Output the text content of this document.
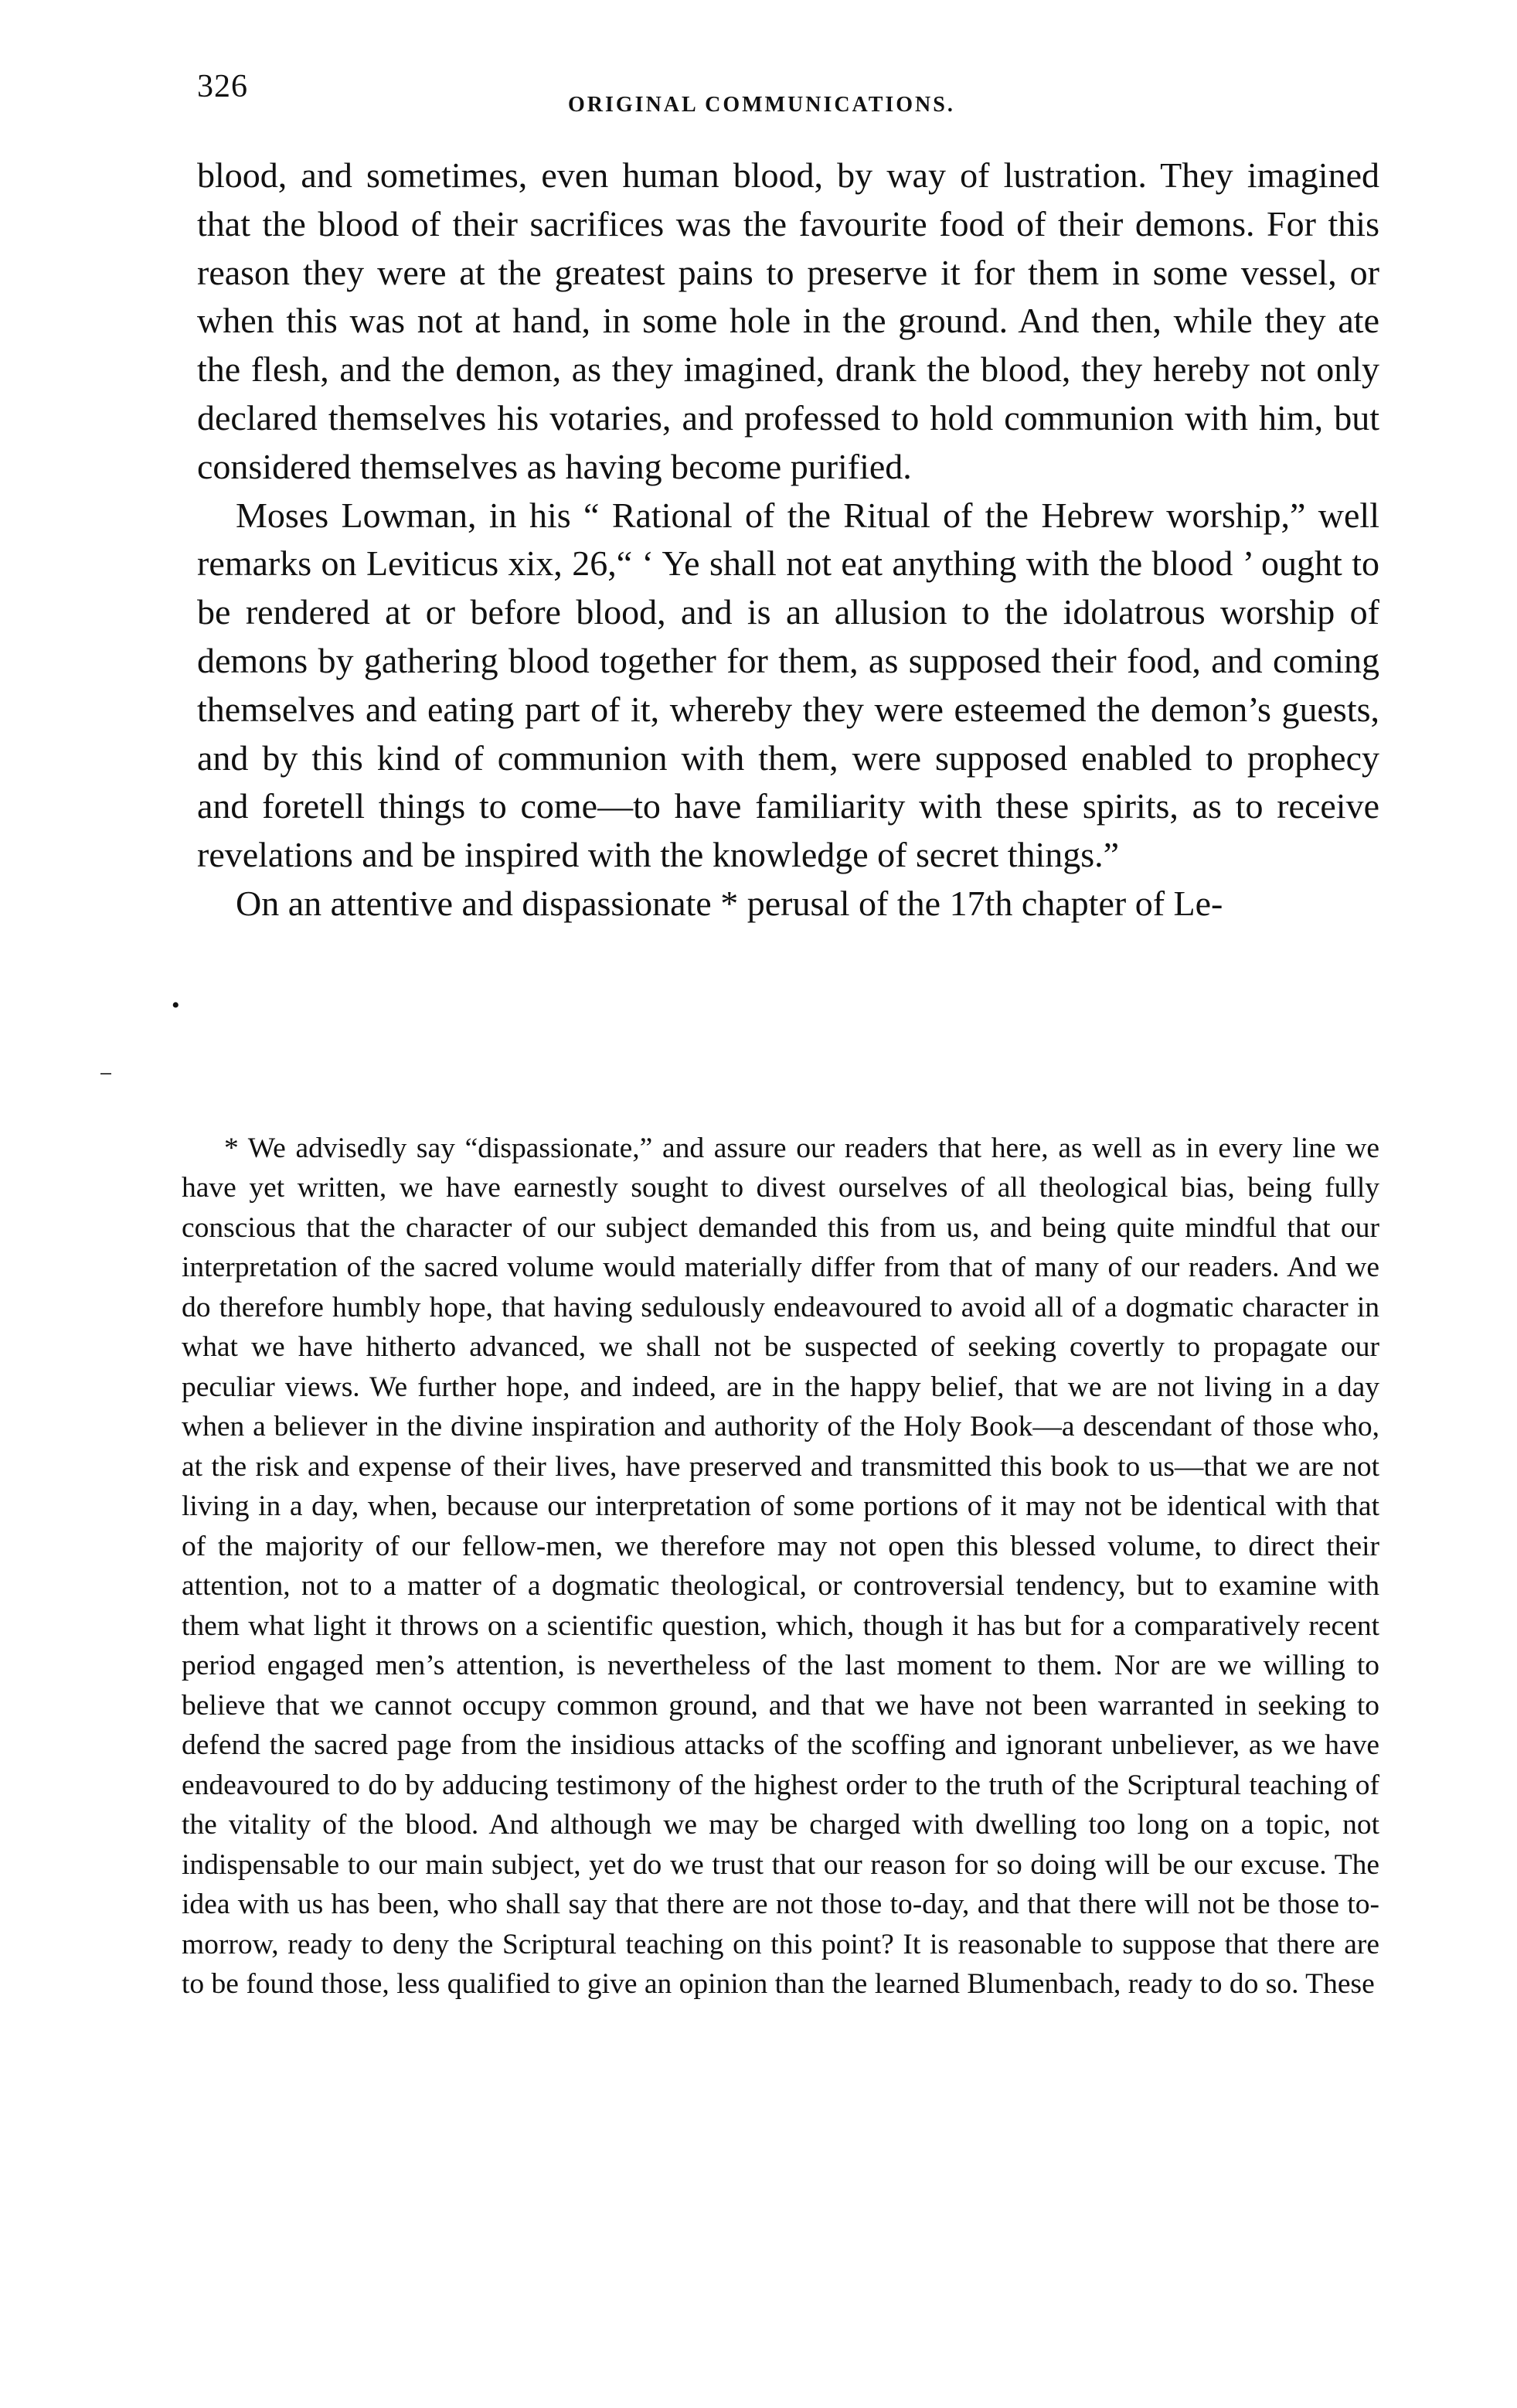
326
ORIGINAL COMMUNICATIONS.

blood, and sometimes, even human blood, by way of lustration. They imagined that the blood of their sacrifices was the favourite food of their demons. For this reason they were at the greatest pains to preserve it for them in some vessel, or when this was not at hand, in some hole in the ground. And then, while they ate the flesh, and the demon, as they imagined, drank the blood, they hereby not only declared themselves his votaries, and professed to hold communion with him, but considered themselves as having become purified.

Moses Lowman, in his “ Rational of the Ritual of the Hebrew worship,” well remarks on Leviticus xix, 26,“ ‘ Ye shall not eat anything with the blood ’ ought to be rendered at or before blood, and is an allusion to the idolatrous worship of demons by gathering blood together for them, as supposed their food, and coming themselves and eating part of it, whereby they were esteemed the demon’s guests, and by this kind of communion with them, were supposed enabled to prophecy and foretell things to come—to have familiarity with these spirits, as to receive revelations and be inspired with the knowledge of secret things.”

On an attentive and dispassionate * perusal of the 17th chapter of Le-

•

* We advisedly say “dispassionate,” and assure our readers that here, as well as in every line we have yet written, we have earnestly sought to divest ourselves of all theological bias, being fully conscious that the character of our subject demanded this from us, and being quite mindful that our interpretation of the sacred volume would materially differ from that of many of our readers. And we do therefore humbly hope, that having sedulously endeavoured to avoid all of a dogmatic character in what we have hitherto advanced, we shall not be suspected of seeking covertly to propagate our peculiar views. We further hope, and indeed, are in the happy belief, that we are not living in a day when a believer in the divine inspiration and authority of the Holy Book—a descendant of those who, at the risk and expense of their lives, have preserved and transmitted this book to us—that we are not living in a day, when, because our interpretation of some portions of it may not be identical with that of the majority of our fellow-men, we therefore may not open this blessed volume, to direct their attention, not to a matter of a dogmatic theological, or controversial tendency, but to examine with them what light it throws on a scientific question, which, though it has but for a comparatively recent period engaged men’s attention, is nevertheless of the last moment to them. Nor are we willing to believe that we cannot occupy common ground, and that we have not been warranted in seeking to defend the sacred page from the insidious attacks of the scoffing and ignorant unbeliever, as we have endeavoured to do by adducing testimony of the highest order to the truth of the Scriptural teaching of the vitality of the blood. And although we may be charged with dwelling too long on a topic, not indispensable to our main subject, yet do we trust that our reason for so doing will be our excuse. The idea with us has been, who shall say that there are not those to-day, and that there will not be those to-morrow, ready to deny the Scriptural teaching on this point? It is reasonable to suppose that there are to be found those, less qualified to give an opinion than the learned Blumenbach, ready to do so. These
